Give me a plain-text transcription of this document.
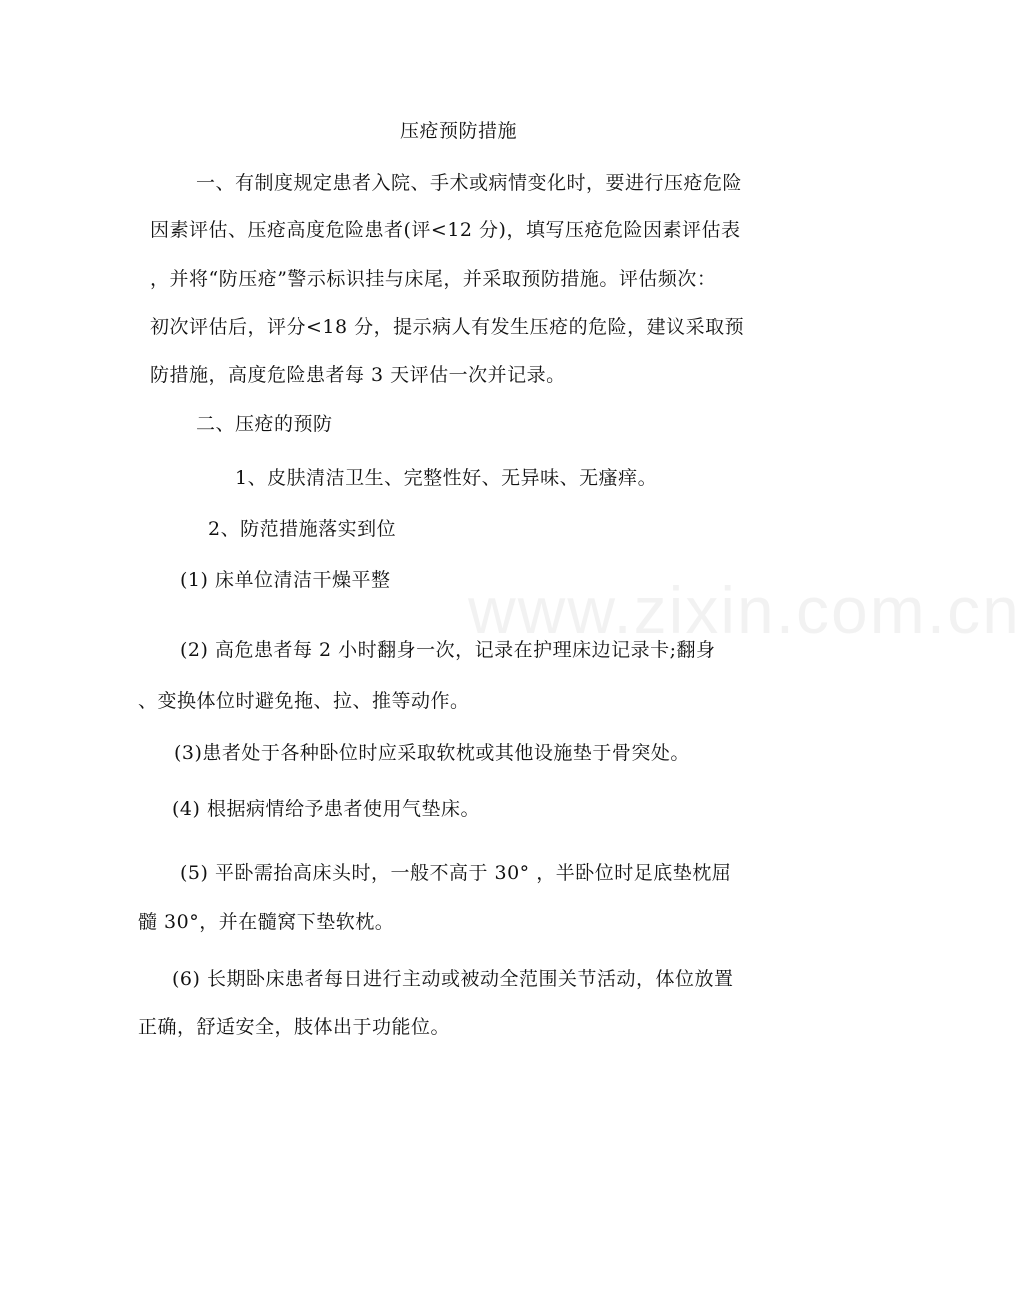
www.zixin.com.cn

压疮预防措施

一、有制度规定患者入院、手术或病情变化时，要进行压疮危险

因素评估、压疮高度危险患者(评<12 分)，填写压疮危险因素评估表

，并将“防压疮”警示标识挂与床尾，并采取预防措施。评估频次：

初次评估后，评分<18 分，提示病人有发生压疮的危险，建议采取预

防措施，高度危险患者每 3 天评估一次并记录。

二、压疮的预防

1、皮肤清洁卫生、完整性好、无异味、无瘙痒。

2、防范措施落实到位

(1) 床单位清洁干燥平整

(2) 高危患者每 2 小时翻身一次，记录在护理床边记录卡;翻身

、变换体位时避免拖、拉、推等动作。

(3)患者处于各种卧位时应采取软枕或其他设施垫于骨突处。

(4) 根据病情给予患者使用气垫床。

(5) 平卧需抬高床头时，一般不高于 30° ，半卧位时足底垫枕屈

髓 30°，并在髓窝下垫软枕。

(6) 长期卧床患者每日进行主动或被动全范围关节活动，体位放置

正确，舒适安全，肢体出于功能位。
